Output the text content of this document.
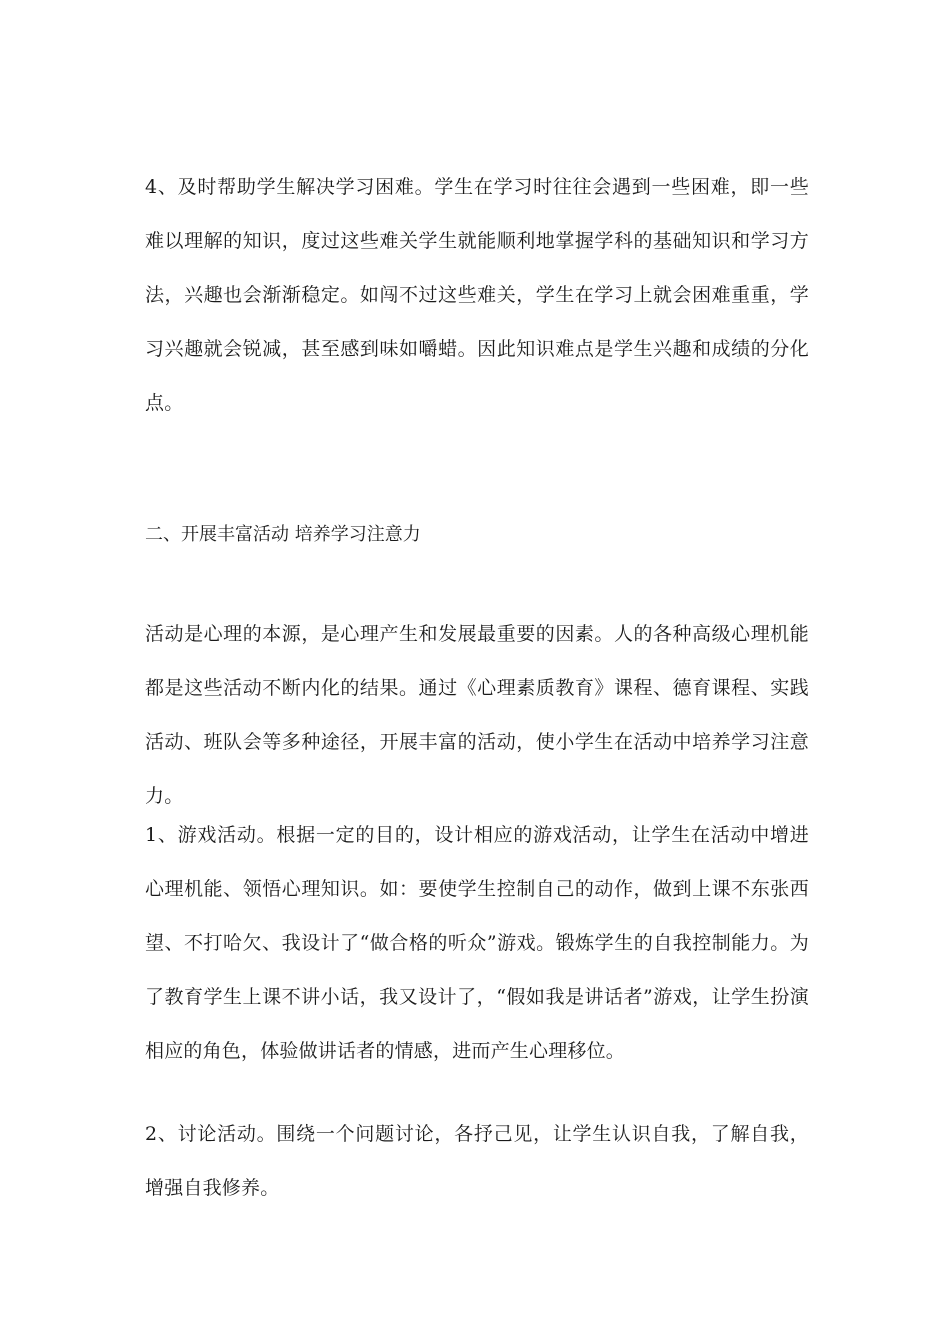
4、及时帮助学生解决学习困难。学生在学习时往往会遇到一些困难，即一些难以理解的知识，度过这些难关学生就能顺利地掌握学科的基础知识和学习方法，兴趣也会渐渐稳定。如闯不过这些难关，学生在学习上就会困难重重，学习兴趣就会锐减，甚至感到味如嚼蜡。因此知识难点是学生兴趣和成绩的分化点。

二、开展丰富活动 培养学习注意力

活动是心理的本源，是心理产生和发展最重要的因素。人的各种高级心理机能都是这些活动不断内化的结果。通过《心理素质教育》课程、德育课程、实践活动、班队会等多种途径，开展丰富的活动，使小学生在活动中培养学习注意力。

1、游戏活动。根据一定的目的，设计相应的游戏活动，让学生在活动中增进心理机能、领悟心理知识。如：要使学生控制自己的动作，做到上课不东张西望、不打哈欠、我设计了“做合格的听众”游戏。锻炼学生的自我控制能力。为了教育学生上课不讲小话，我又设计了，“假如我是讲话者”游戏，让学生扮演相应的角色，体验做讲话者的情感，进而产生心理移位。

2、讨论活动。围绕一个问题讨论，各抒己见，让学生认识自我，了解自我，增强自我修养。
